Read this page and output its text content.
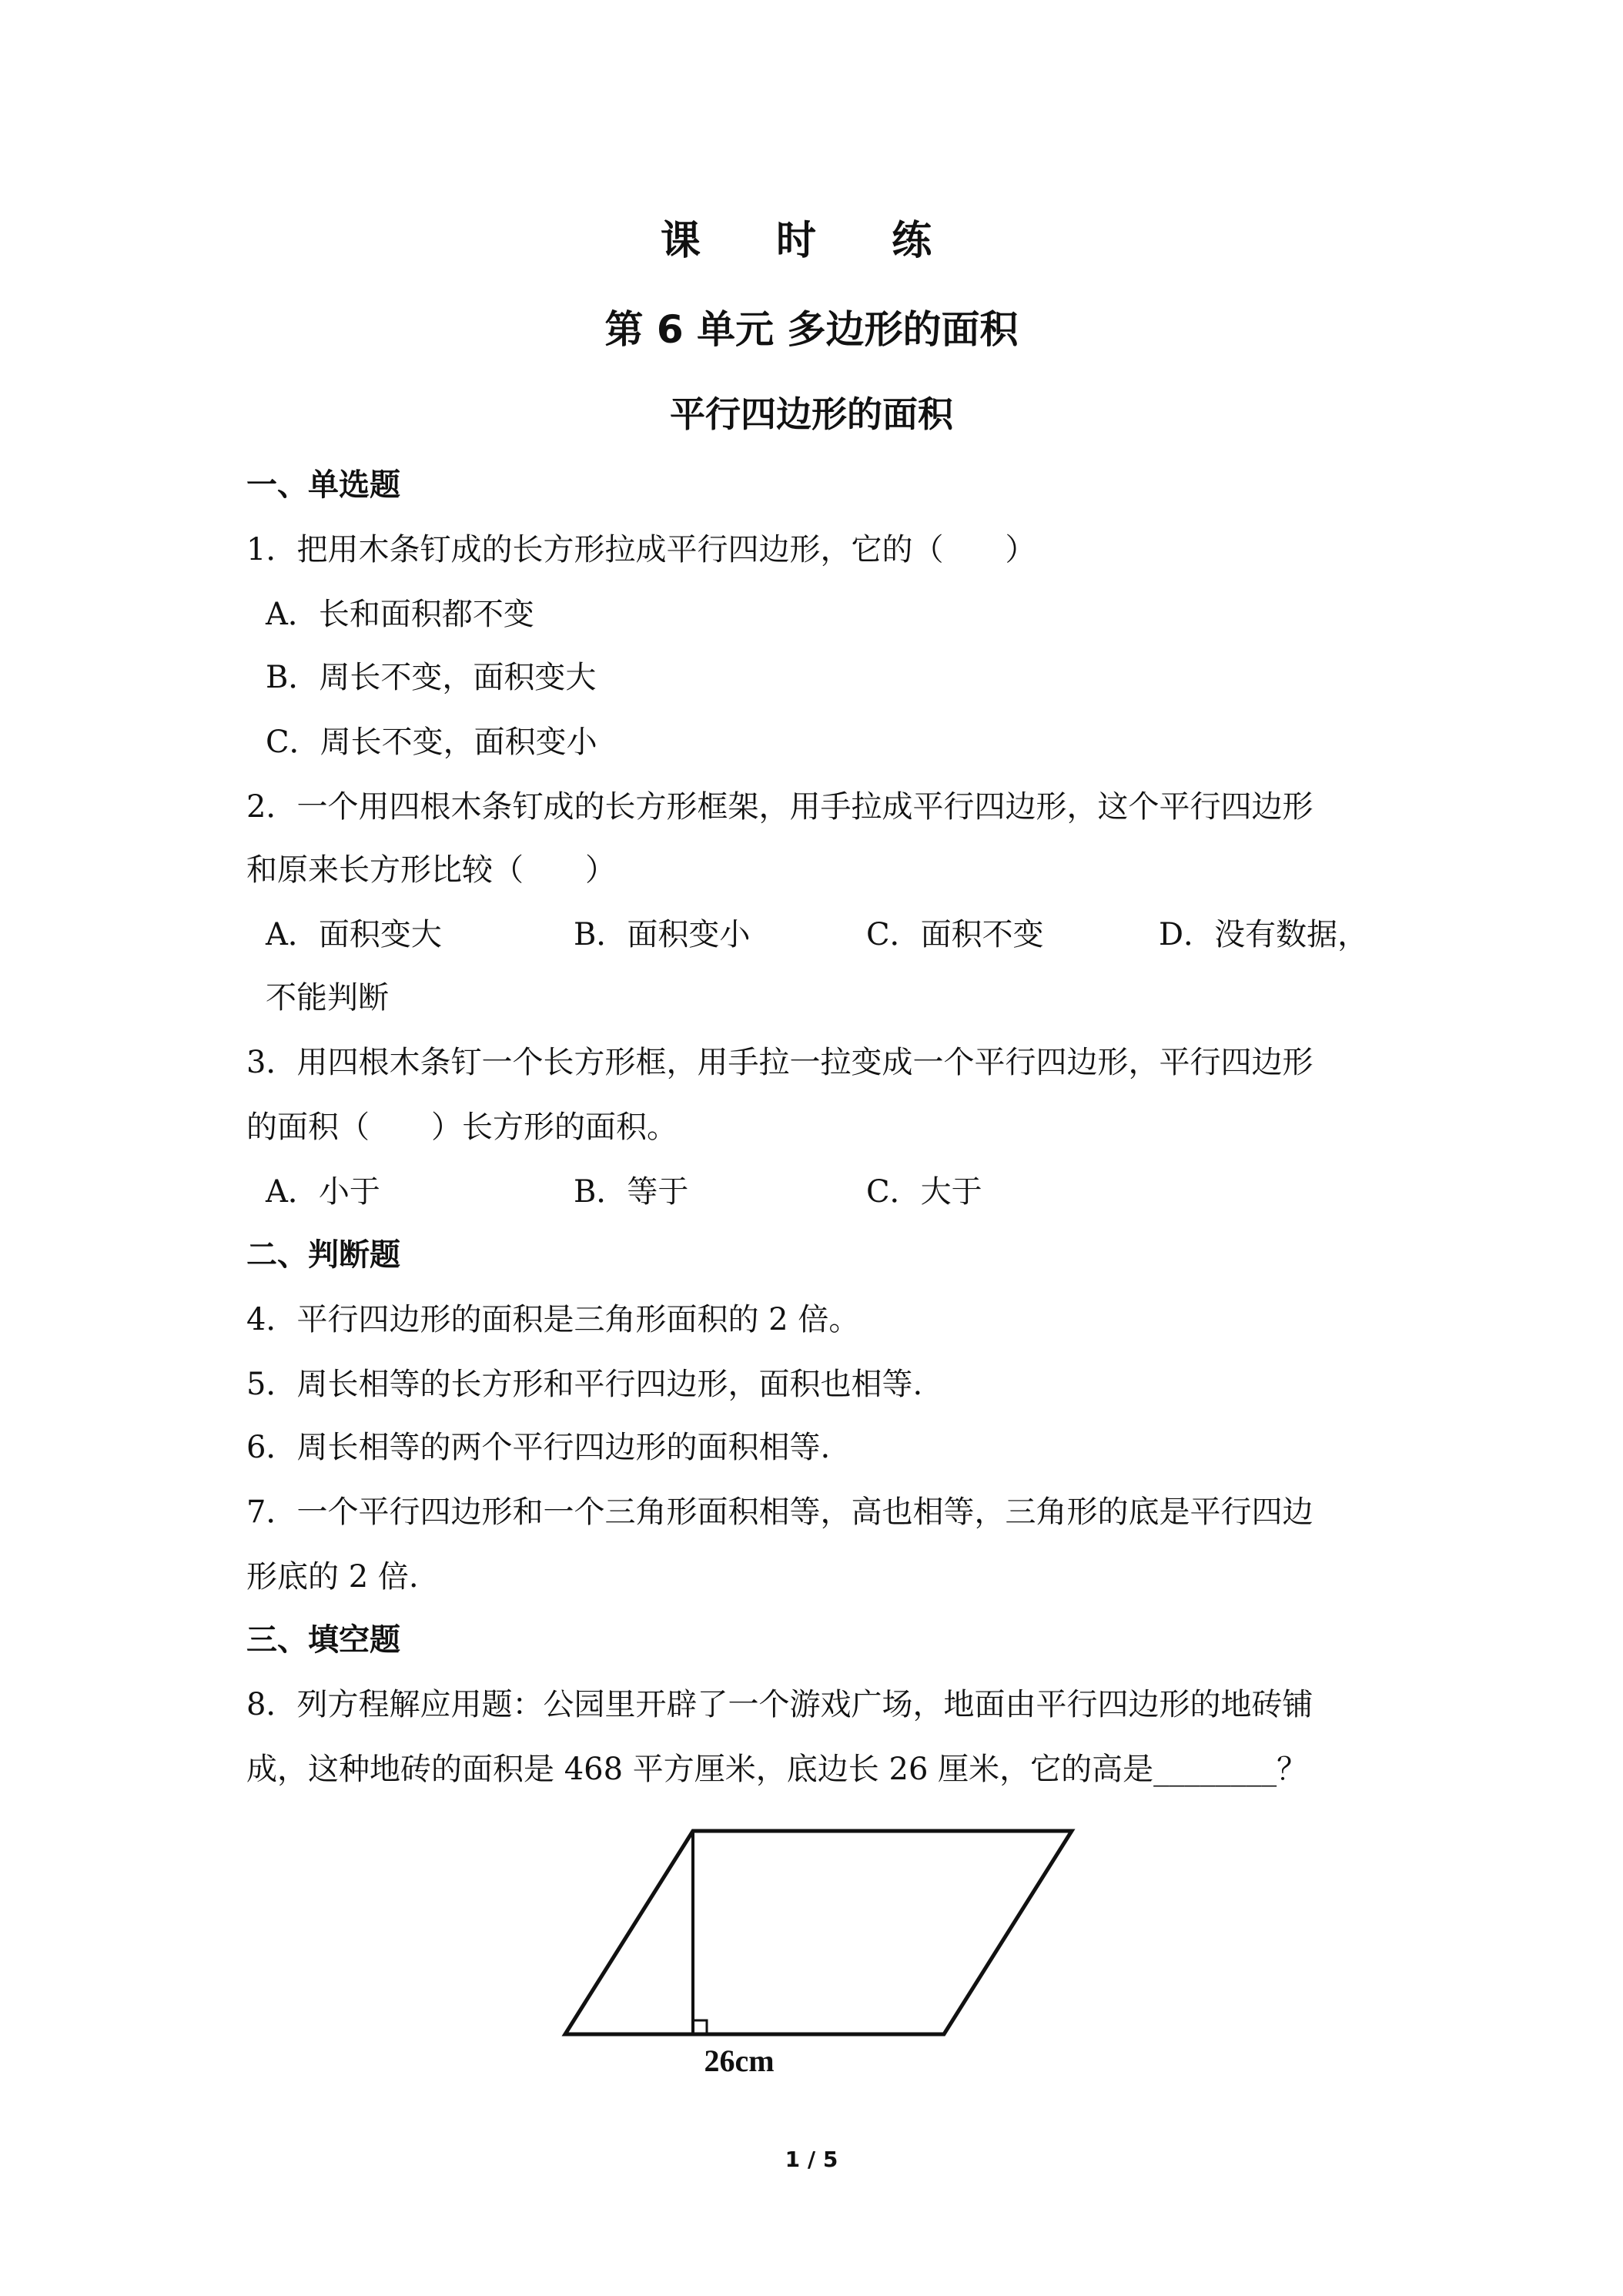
课 时 练
第 6 单元 多边形的面积
平行四边形的面积
一、单选题
1．把用木条钉成的长方形拉成平行四边形，它的（　　）
A．长和面积都不变
B．周长不变，面积变大
C．周长不变，面积变小
2．一个用四根木条钉成的长方形框架，用手拉成平行四边形，这个平行四边形
和原来长方形比较（　　）
A．面积变大	B．面积变小	C．面积不变	D．没有数据，
不能判断
3．用四根木条钉一个长方形框，用手拉一拉变成一个平行四边形，平行四边形
的面积（　　）长方形的面积。
A．小于	B．等于	C．大于
二、判断题
4．平行四边形的面积是三角形面积的 2 倍。
5．周长相等的长方形和平行四边形，面积也相等.
6．周长相等的两个平行四边形的面积相等.
7．一个平行四边形和一个三角形面积相等，高也相等，三角形的底是平行四边
形底的 2 倍.
三、填空题
8．列方程解应用题：公园里开辟了一个游戏广场，地面由平行四边形的地砖铺
成，这种地砖的面积是 468 平方厘米，底边长 26 厘米，它的高是________？
26cm
1 / 5
